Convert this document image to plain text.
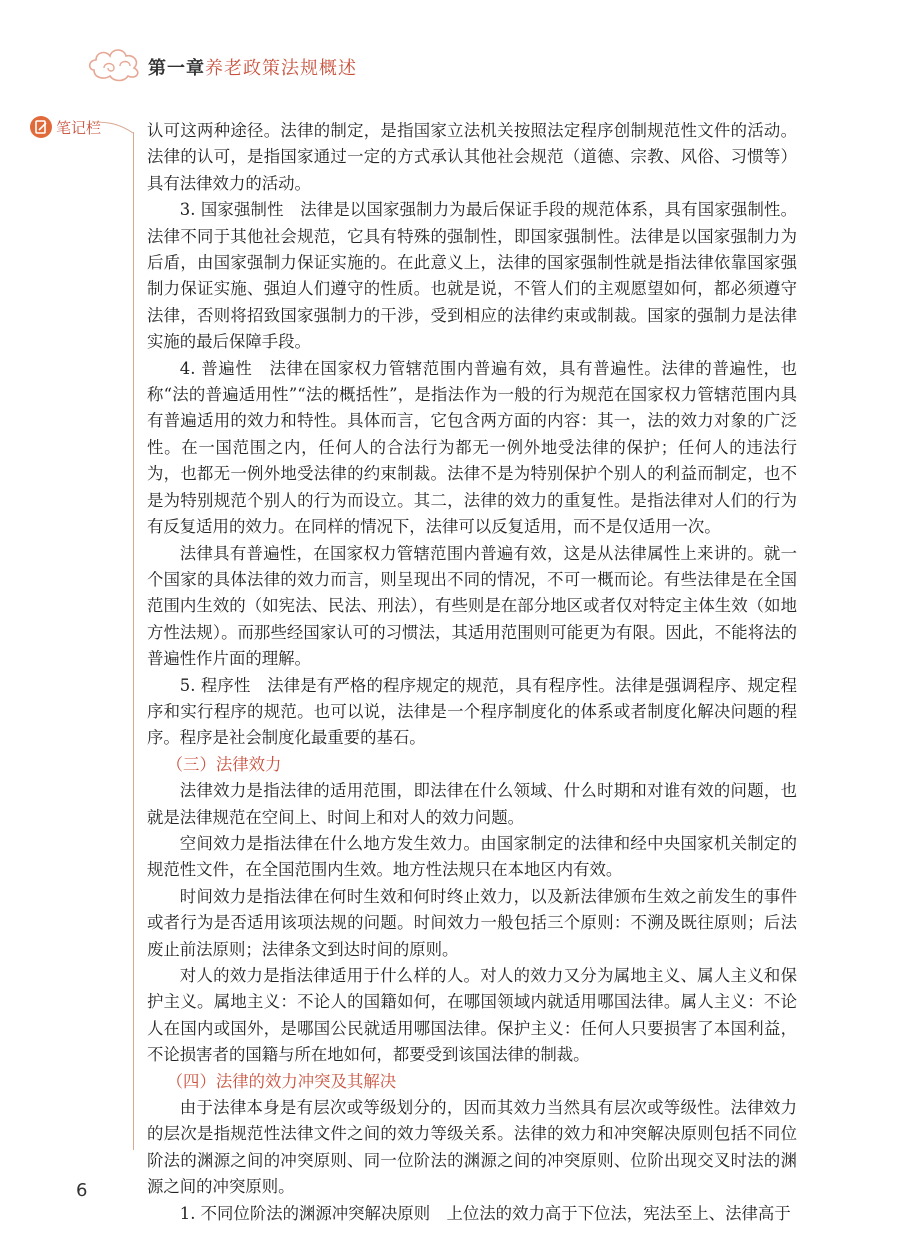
第一章 养老政策法规概述
笔记栏	认可这两种途径。法律的制定，是指国家立法机关按照法定程序创制规范性文件的活动。法律的认可，是指国家通过一定的方式承认其他社会规范（道德、宗教、风俗、习惯等）具有法律效力的活动。

3. 国家强制性　法律是以国家强制力为最后保证手段的规范体系，具有国家强制性。法律不同于其他社会规范，它具有特殊的强制性，即国家强制性。法律是以国家强制力为后盾，由国家强制力保证实施的。在此意义上，法律的国家强制性就是指法律依靠国家强制力保证实施、强迫人们遵守的性质。也就是说，不管人们的主观愿望如何，都必须遵守法律，否则将招致国家强制力的干涉，受到相应的法律约束或制裁。国家的强制力是法律实施的最后保障手段。

4. 普遍性　法律在国家权力管辖范围内普遍有效，具有普遍性。法律的普遍性，也称“法的普遍适用性”“法的概括性”，是指法作为一般的行为规范在国家权力管辖范围内具有普遍适用的效力和特性。具体而言，它包含两方面的内容：其一，法的效力对象的广泛性。在一国范围之内，任何人的合法行为都无一例外地受法律的保护；任何人的违法行为，也都无一例外地受法律的约束制裁。法律不是为特别保护个别人的利益而制定，也不是为特别规范个别人的行为而设立。其二，法律的效力的重复性。是指法律对人们的行为有反复适用的效力。在同样的情况下，法律可以反复适用，而不是仅适用一次。

法律具有普遍性，在国家权力管辖范围内普遍有效，这是从法律属性上来讲的。就一个国家的具体法律的效力而言，则呈现出不同的情况，不可一概而论。有些法律是在全国范围内生效的（如宪法、民法、刑法），有些则是在部分地区或者仅对特定主体生效（如地方性法规）。而那些经国家认可的习惯法，其适用范围则可能更为有限。因此，不能将法的普遍性作片面的理解。

5. 程序性　法律是有严格的程序规定的规范，具有程序性。法律是强调程序、规定程序和实行程序的规范。也可以说，法律是一个程序制度化的体系或者制度化解决问题的程序。程序是社会制度化最重要的基石。

（三）法律效力

法律效力是指法律的适用范围，即法律在什么领域、什么时期和对谁有效的问题，也就是法律规范在空间上、时间上和对人的效力问题。

空间效力是指法律在什么地方发生效力。由国家制定的法律和经中央国家机关制定的规范性文件，在全国范围内生效。地方性法规只在本地区内有效。

时间效力是指法律在何时生效和何时终止效力，以及新法律颁布生效之前发生的事件或者行为是否适用该项法规的问题。时间效力一般包括三个原则：不溯及既往原则；后法废止前法原则；法律条文到达时间的原则。

对人的效力是指法律适用于什么样的人。对人的效力又分为属地主义、属人主义和保护主义。属地主义：不论人的国籍如何，在哪国领域内就适用哪国法律。属人主义：不论人在国内或国外，是哪国公民就适用哪国法律。保护主义：任何人只要损害了本国利益，不论损害者的国籍与所在地如何，都要受到该国法律的制裁。

（四）法律的效力冲突及其解决

由于法律本身是有层次或等级划分的，因而其效力当然具有层次或等级性。法律效力的层次是指规范性法律文件之间的效力等级关系。法律的效力和冲突解决原则包括不同位阶法的渊源之间的冲突原则、同一位阶法的渊源之间的冲突原则、位阶出现交叉时法的渊源之间的冲突原则。

1. 不同位阶法的渊源冲突解决原则　上位法的效力高于下位法，宪法至上、法律高于

6
